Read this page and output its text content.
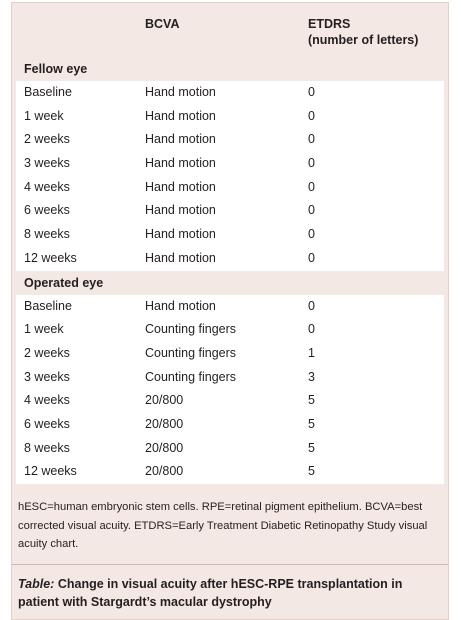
BCVA	ETDRS
(number of letters)
Fellow eye
Baseline	Hand motion	0
1 week	Hand motion	0
2 weeks	Hand motion	0
3 weeks	Hand motion	0
4 weeks	Hand motion	0
6 weeks	Hand motion	0
8 weeks	Hand motion	0
12 weeks	Hand motion	0
Operated eye
Baseline	Hand motion	0
1 week	Counting fingers	0
2 weeks	Counting fingers	1
3 weeks	Counting fingers	3
4 weeks	20/800	5
6 weeks	20/800	5
8 weeks	20/800	5
12 weeks	20/800	5
hESC=human embryonic stem cells. RPE=retinal pigment epithelium. BCVA=best corrected visual acuity. ETDRS=Early Treatment Diabetic Retinopathy Study visual acuity chart.
Table: Change in visual acuity after hESC-RPE transplantation in patient with Stargardt’s macular dystrophy
